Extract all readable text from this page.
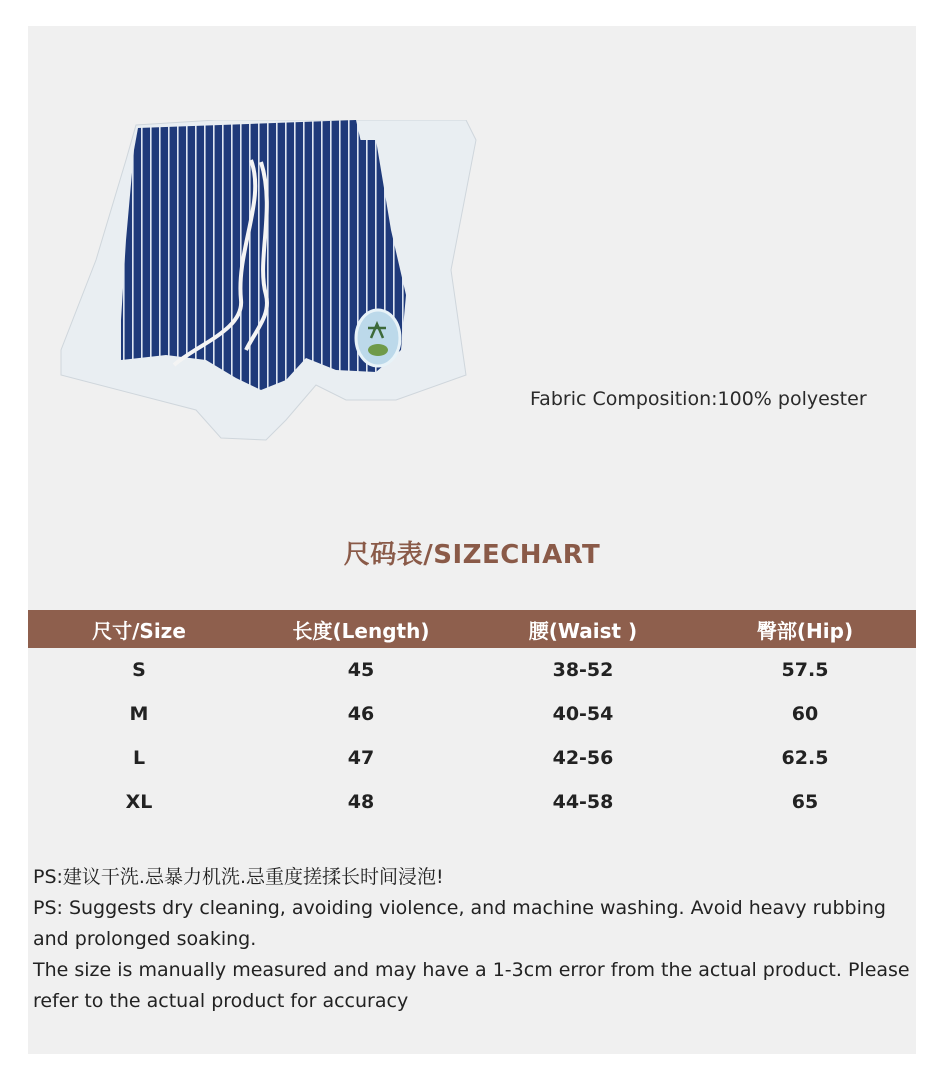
Fabric Composition:100% polyester
尺码表/SIZECHART
尺寸/Size	长度(Length)	腰(Waist )	臀部(Hip)
S	45	38-52	57.5
M	46	40-54	60
L	47	42-56	62.5
XL	48	44-58	65

PS:建议干洗.忌暴力机洗.忌重度搓揉长时间浸泡!

PS: Suggests dry cleaning, avoiding violence, and machine washing. Avoid heavy rubbing and prolonged soaking.

The size is manually measured and may have a 1-3cm error from the actual product. Please refer to the actual product for accuracy
